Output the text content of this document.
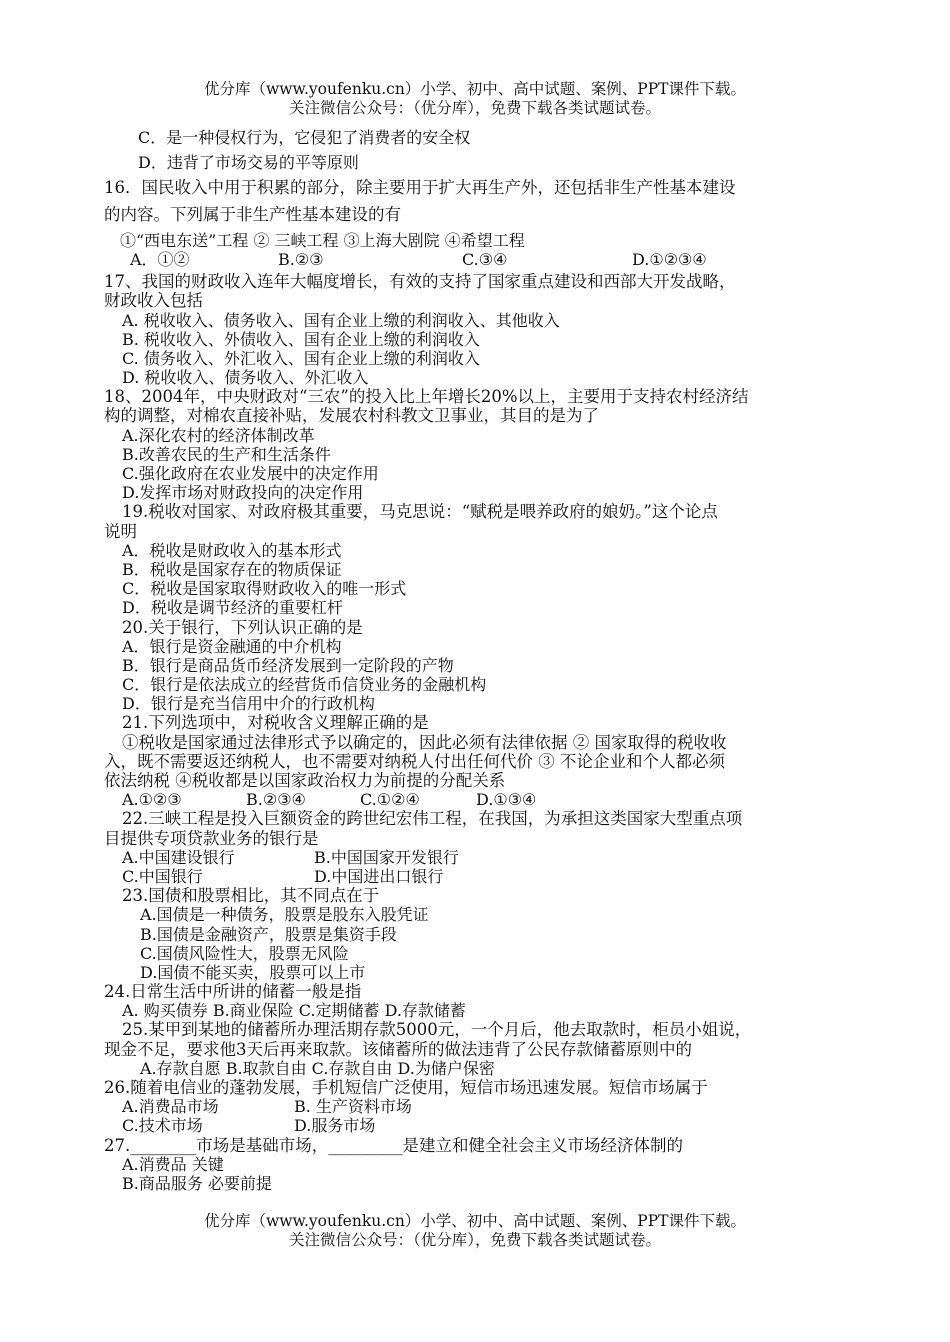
优分库（www.youfenku.cn）小学、初中、高中试题、案例、PPT课件下载。
关注微信公众号：（优分库），免费下载各类试题试卷。
C．是一种侵权行为，它侵犯了消费者的安全权
D．违背了市场交易的平等原则
16．国民收入中用于积累的部分，除主要用于扩大再生产外，还包括非生产性基本建设
的内容。下列属于非生产性基本建设的有
①“西电东送”工程 ② 三峡工程 ③上海大剧院 ④希望工程
A．①②	B.②③	C.③④	D.①②③④
17、我国的财政收入连年大幅度增长，有效的支持了国家重点建设和西部大开发战略，
财政收入包括
A. 税收收入、债务收入、国有企业上缴的利润收入、其他收入
B. 税收收入、外债收入、国有企业上缴的利润收入
C. 债务收入、外汇收入、国有企业上缴的利润收入
D. 税收收入、债务收入、外汇收入
18、2004年，中央财政对“三农”的投入比上年增长20%以上，主要用于支持农村经济结
构的调整，对棉农直接补贴，发展农村科教文卫事业，其目的是为了
A.深化农村的经济体制改革
B.改善农民的生产和生活条件
C.强化政府在农业发展中的决定作用
D.发挥市场对财政投向的决定作用
19.税收对国家、对政府极其重要，马克思说：“赋税是喂养政府的娘奶。”这个论点
说明
A．税收是财政收入的基本形式
B．税收是国家存在的物质保证
C．税收是国家取得财政收入的唯一形式
D．税收是调节经济的重要杠杆
20.关于银行，下列认识正确的是
A．银行是资金融通的中介机构
B．银行是商品货币经济发展到一定阶段的产物
C．银行是依法成立的经营货币信贷业务的金融机构
D．银行是充当信用中介的行政机构
21.下列选项中，对税收含义理解正确的是
①税收是国家通过法律形式予以确定的，因此必须有法律依据 ② 国家取得的税收收
入，既不需要返还纳税人，也不需要对纳税人付出任何代价 ③ 不论企业和个人都必须
依法纳税 ④税收都是以国家政治权力为前提的分配关系
A.①②③	B.②③④	C.①②④	D.①③④
22.三峡工程是投入巨额资金的跨世纪宏伟工程，在我国，为承担这类国家大型重点项
目提供专项贷款业务的银行是
A.中国建设银行	B.中国国家开发银行
C.中国银行	D.中国进出口银行
23.国债和股票相比，其不同点在于
A.国债是一种债务，股票是股东入股凭证
B.国债是金融资产，股票是集资手段
C.国债风险性大，股票无风险
D.国债不能买卖，股票可以上市
24.日常生活中所讲的储蓄一般是指
A. 购买债券 B.商业保险 C.定期储蓄 D.存款储蓄
25.某甲到某地的储蓄所办理活期存款5000元，一个月后，他去取款时，柜员小姐说，
现金不足，要求他3天后再来取款。该储蓄所的做法违背了公民存款储蓄原则中的
A.存款自愿 B.取款自由 C.存款自由 D.为储户保密
26.随着电信业的蓬勃发展，手机短信广泛使用，短信市场迅速发展。短信市场属于
A.消费品市场	B. 生产资料市场
C.技术市场	D.服务市场
27.________市场是基础市场，_________是建立和健全社会主义市场经济体制的
A.消费品 关键
B.商品服务 必要前提
优分库（www.youfenku.cn）小学、初中、高中试题、案例、PPT课件下载。
关注微信公众号：（优分库），免费下载各类试题试卷。
